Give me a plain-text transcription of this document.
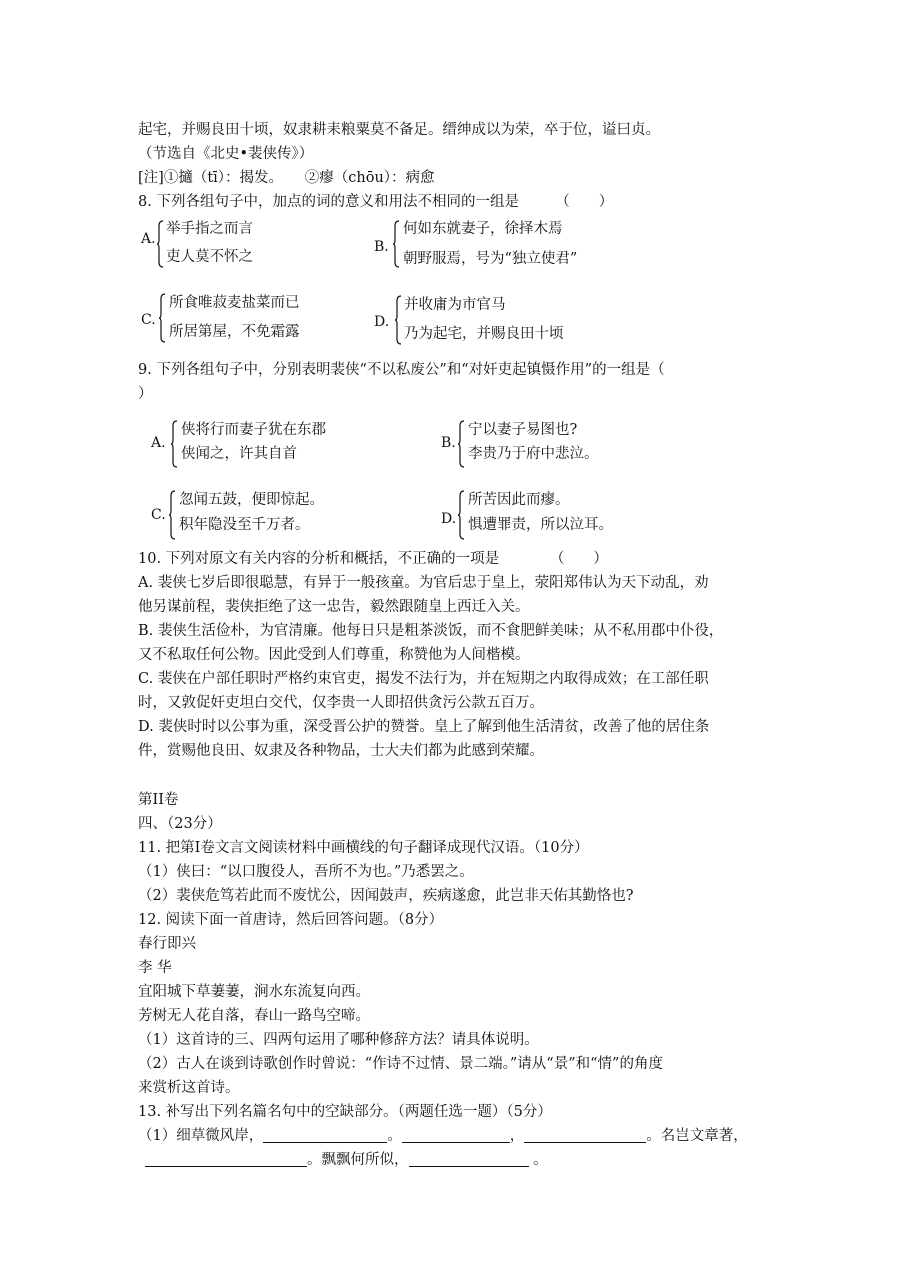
起宅，并赐良田十顷，奴隶耕耒粮粟莫不备足。缙绅成以为荣，卒于位，谥曰贞。
（节选自《北史•裴侠传》）
[注]①擿（tī）：揭发。　　②瘳（chōu）：病愈
8. 下列各组句子中，加点的词的意义和用法不相同的一组是　　　（　　）
A.
举手指之而言
吏人莫不怀之
B.
何如东就妻子，徐择木焉
朝野服焉，号为“独立使君”
C.
所食唯菽麦盐菜而已
所居第屋，不免霜露
D.
并收庸为市官马
乃为起宅，并赐良田十顷
9. 下列各组句子中，分别表明裴侠“不以私废公”和“对奸吏起镇慑作用”的一组是（
）
A.
侠将行而妻子犹在东郡
侠闻之，许其自首
B.
宁以妻子易图也?
李贵乃于府中悲泣。
C.
忽闻五鼓，便即惊起。
积年隐没至千万者。	D.
所苦因此而瘳。
惧遭罪责，所以泣耳。
10. 下列对原文有关内容的分析和概括，不正确的一项是　　　　（　　）
A. 裴侠七岁后即很聪慧，有异于一般孩童。为官后忠于皇上，荥阳郑伟认为天下动乱，劝
他另谋前程，裴侠拒绝了这一忠告，毅然跟随皇上西迁入关。
B. 裴侠生活俭朴，为官清廉。他每日只是粗茶淡饭，而不食肥鲜美味；从不私用郡中仆役，
又不私取任何公物。因此受到人们尊重，称赞他为人间楷模。
C. 裴侠在户部任职时严格约束官吏，揭发不法行为，并在短期之内取得成效；在工部任职
时，又敦促奸吏坦白交代，仅李贵一人即招供贪污公款五百万。
D. 裴侠时时以公事为重，深受晋公护的赞誉。皇上了解到他生活清贫，改善了他的居住条
件，赏赐他良田、奴隶及各种物品，士大夫们都为此感到荣耀。
第II卷
四、（23分）
11. 把第I卷文言文阅读材料中画横线的句子翻译成现代汉语。（10分）
（1）侠曰：“以口腹役人，吾所不为也。”乃悉罢之。
（2）裴侠危笃若此而不废忧公，因闻鼓声，疾病遂愈，此岂非天佑其勤恪也?
12. 阅读下面一首唐诗，然后回答问题。（8分）
春行即兴
李 华
宜阳城下草萋萋，涧水东流复向西。
芳树无人花自落，春山一路鸟空啼。
（1）这首诗的三、四两句运用了哪种修辞方法？请具体说明。
（2）古人在谈到诗歌创作时曾说：“作诗不过情、景二端。”请从“景”和“情”的角度
来赏析这首诗。
13. 补写出下列名篇名句中的空缺部分。（两题任选一题）（5分）
（1）细草微风岸，	。	，	。名岂文章著，
。飘飘何所似，	。
